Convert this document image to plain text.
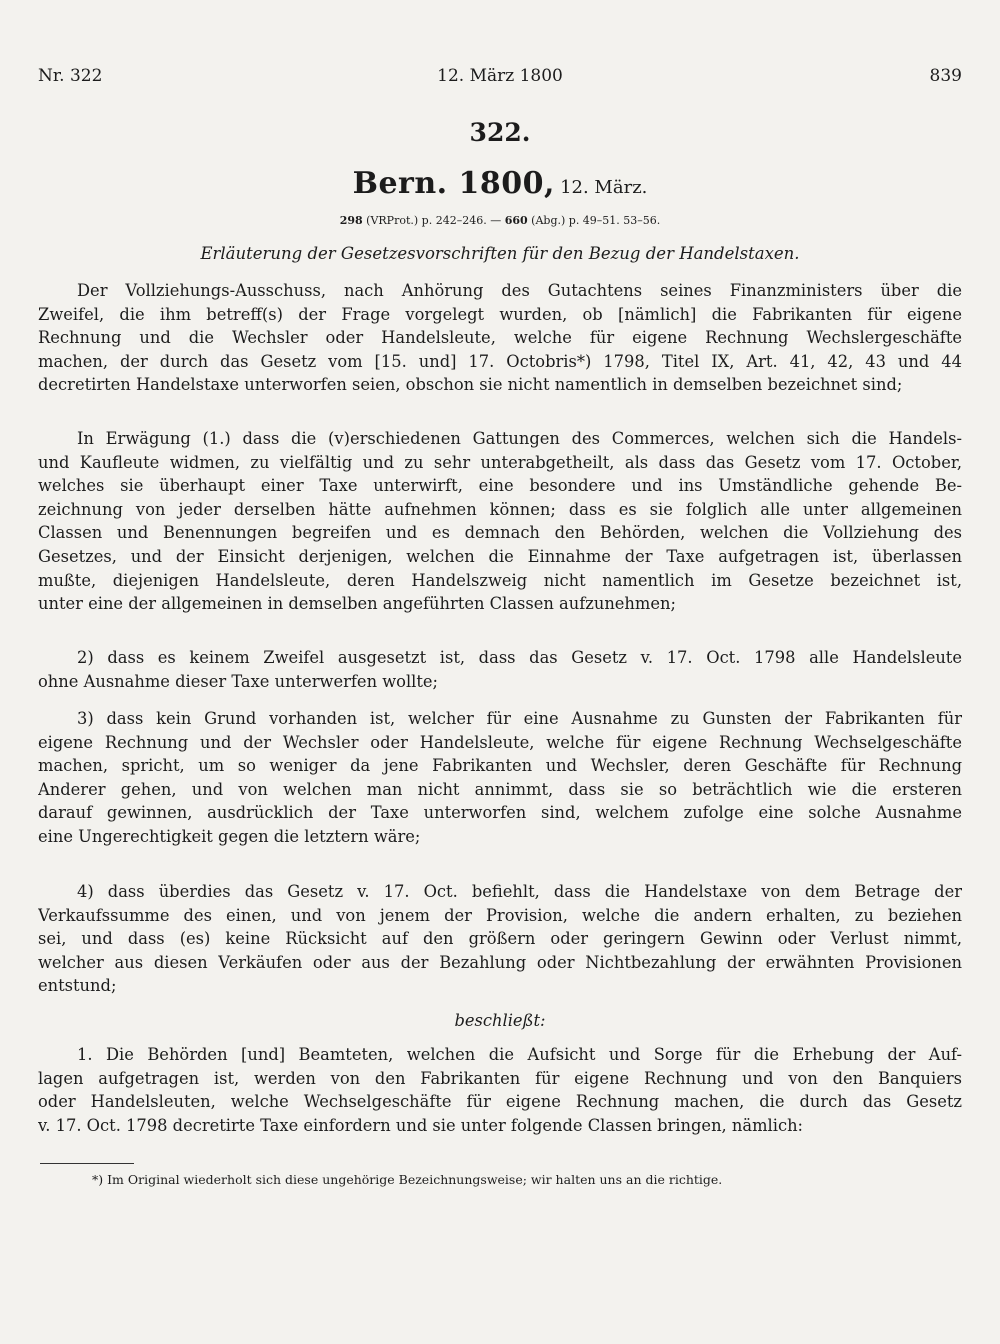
Nr. 322	12. März 1800	839
322.
Bern. 1800, 12. März.
298 (VRProt.) p. 242–246. — 660 (Abg.) p. 49–51. 53–56.
Erläuterung der Gesetzesvorschriften für den Bezug der Handelstaxen.
Der Vollziehungs-Ausschuss, nach Anhörung des Gutachtens seines Finanzministers über die
Zweifel, die ihm betreff(s) der Frage vorgelegt wurden, ob [nämlich] die Fabrikanten für eigene
Rechnung und die Wechsler oder Handelsleute, welche für eigene Rechnung Wechslergeschäfte
machen, der durch das Gesetz vom [15. und] 17. Octobris*) 1798, Titel IX, Art. 41, 42, 43 und 44
decretirten Handelstaxe unterworfen seien, obschon sie nicht namentlich in demselben bezeichnet sind;
In Erwägung (1.) dass die (v)erschiedenen Gattungen des Commerces, welchen sich die Handels-
und Kaufleute widmen, zu vielfältig und zu sehr unterabgetheilt, als dass das Gesetz vom 17. October,
welches sie überhaupt einer Taxe unterwirft, eine besondere und ins Umständliche gehende Be-
zeichnung von jeder derselben hätte aufnehmen können; dass es sie folglich alle unter allgemeinen
Classen und Benennungen begreifen und es demnach den Behörden, welchen die Vollziehung des
Gesetzes, und der Einsicht derjenigen, welchen die Einnahme der Taxe aufgetragen ist, überlassen
mußte, diejenigen Handelsleute, deren Handelszweig nicht namentlich im Gesetze bezeichnet ist,
unter eine der allgemeinen in demselben angeführten Classen aufzunehmen;
2) dass es keinem Zweifel ausgesetzt ist, dass das Gesetz v. 17. Oct. 1798 alle Handelsleute
ohne Ausnahme dieser Taxe unterwerfen wollte;
3) dass kein Grund vorhanden ist, welcher für eine Ausnahme zu Gunsten der Fabrikanten für
eigene Rechnung und der Wechsler oder Handelsleute, welche für eigene Rechnung Wechselgeschäfte
machen, spricht, um so weniger da jene Fabrikanten und Wechsler, deren Geschäfte für Rechnung
Anderer gehen, und von welchen man nicht annimmt, dass sie so beträchtlich wie die ersteren
darauf gewinnen, ausdrücklich der Taxe unterworfen sind, welchem zufolge eine solche Ausnahme
eine Ungerechtigkeit gegen die letztern wäre;
4) dass überdies das Gesetz v. 17. Oct. befiehlt, dass die Handelstaxe von dem Betrage der
Verkaufssumme des einen, und von jenem der Provision, welche die andern erhalten, zu beziehen
sei, und dass (es) keine Rücksicht auf den größern oder geringern Gewinn oder Verlust nimmt,
welcher aus diesen Verkäufen oder aus der Bezahlung oder Nichtbezahlung der erwähnten Provisionen
entstund;
beschließt:
1. Die Behörden [und] Beamteten, welchen die Aufsicht und Sorge für die Erhebung der Auf-
lagen aufgetragen ist, werden von den Fabrikanten für eigene Rechnung und von den Banquiers
oder Handelsleuten, welche Wechselgeschäfte für eigene Rechnung machen, die durch das Gesetz
v. 17. Oct. 1798 decretirte Taxe einfordern und sie unter folgende Classen bringen, nämlich:
*) Im Original wiederholt sich diese ungehörige Bezeichnungsweise; wir halten uns an die richtige.
